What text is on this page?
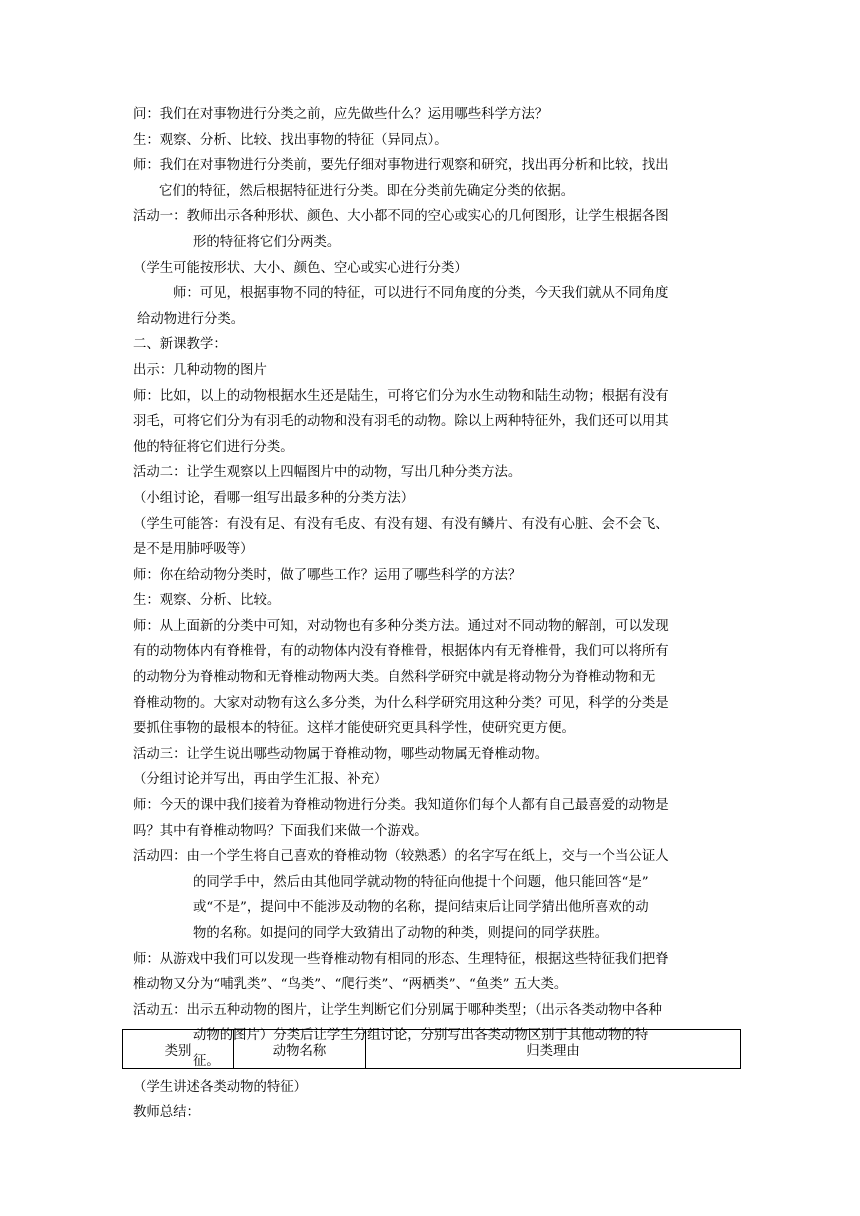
问：我们在对事物进行分类之前，应先做些什么？运用哪些科学方法？

生：观察、分析、比较、找出事物的特征（异同点）。

师：我们在对事物进行分类前，要先仔细对事物进行观察和研究，找出再分析和比较，找出

它们的特征，然后根据特征进行分类。即在分类前先确定分类的依据。

活动一：教师出示各种形状、颜色、大小都不同的空心或实心的几何图形，让学生根据各图

形的特征将它们分两类。

（学生可能按形状、大小、颜色、空心或实心进行分类）

师：可见，根据事物不同的特征，可以进行不同角度的分类，今天我们就从不同角度

给动物进行分类。

二、新课教学：

出示：几种动物的图片

师：比如，以上的动物根据水生还是陆生，可将它们分为水生动物和陆生动物；根据有没有

羽毛，可将它们分为有羽毛的动物和没有羽毛的动物。除以上两种特征外，我们还可以用其

他的特征将它们进行分类。

活动二：让学生观察以上四幅图片中的动物，写出几种分类方法。

（小组讨论，看哪一组写出最多种的分类方法）

（学生可能答：有没有足、有没有毛皮、有没有翅、有没有鳞片、有没有心脏、会不会飞、

是不是用肺呼吸等）

师：你在给动物分类时，做了哪些工作？运用了哪些科学的方法？

生：观察、分析、比较。

师：从上面新的分类中可知，对动物也有多种分类方法。通过对不同动物的解剖，可以发现

有的动物体内有脊椎骨，有的动物体内没有脊椎骨，根据体内有无脊椎骨，我们可以将所有

的动物分为脊椎动物和无脊椎动物两大类。自然科学研究中就是将动物分为脊椎动物和无

脊椎动物的。大家对动物有这么多分类，为什么科学研究用这种分类？可见，科学的分类是

要抓住事物的最根本的特征。这样才能使研究更具科学性，使研究更方便。

活动三：让学生说出哪些动物属于脊椎动物，哪些动物属无脊椎动物。

（分组讨论并写出，再由学生汇报、补充）

师：今天的课中我们接着为脊椎动物进行分类。我知道你们每个人都有自己最喜爱的动物是

吗？其中有脊椎动物吗？下面我们来做一个游戏。

活动四：由一个学生将自己喜欢的脊椎动物（较熟悉）的名字写在纸上，交与一个当公证人

的同学手中，然后由其他同学就动物的特征向他提十个问题，他只能回答“是”

或“不是”，提问中不能涉及动物的名称，提问结束后让同学猜出他所喜欢的动

物的名称。如提问的同学大致猜出了动物的种类，则提问的同学获胜。

师：从游戏中我们可以发现一些脊椎动物有相同的形态、生理特征，根据这些特征我们把脊

椎动物又分为“哺乳类”、“鸟类”、“爬行类”、“两栖类”、“鱼类” 五大类。

活动五：出示五种动物的图片，让学生判断它们分别属于哪种类型；（出示各类动物中各种

动物的图片）分类后让学生分组讨论，分别写出各类动物区别于其他动物的特

征。

（学生讲述各类动物的特征）

教师总结：

类别	动物名称	归类理由
